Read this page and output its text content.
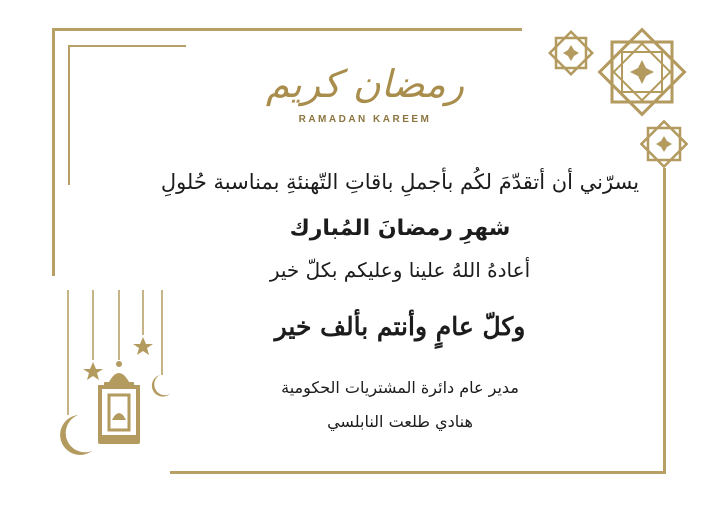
رمضان كريم
RAMADAN KAREEM
يسرّني أن أتقدّمَ لكُم بأجملِ باقاتِ التّهنئةِ بمناسبة حُلولِ
شهرِ رمضانَ المُبارك
أعادهُ اللهُ علينا وعليكم بكلّ خير
وكلّ عامٍ وأنتم بألف خير
مدير عام دائرة المشتريات الحكومية
هنادي طلعت النابلسي
